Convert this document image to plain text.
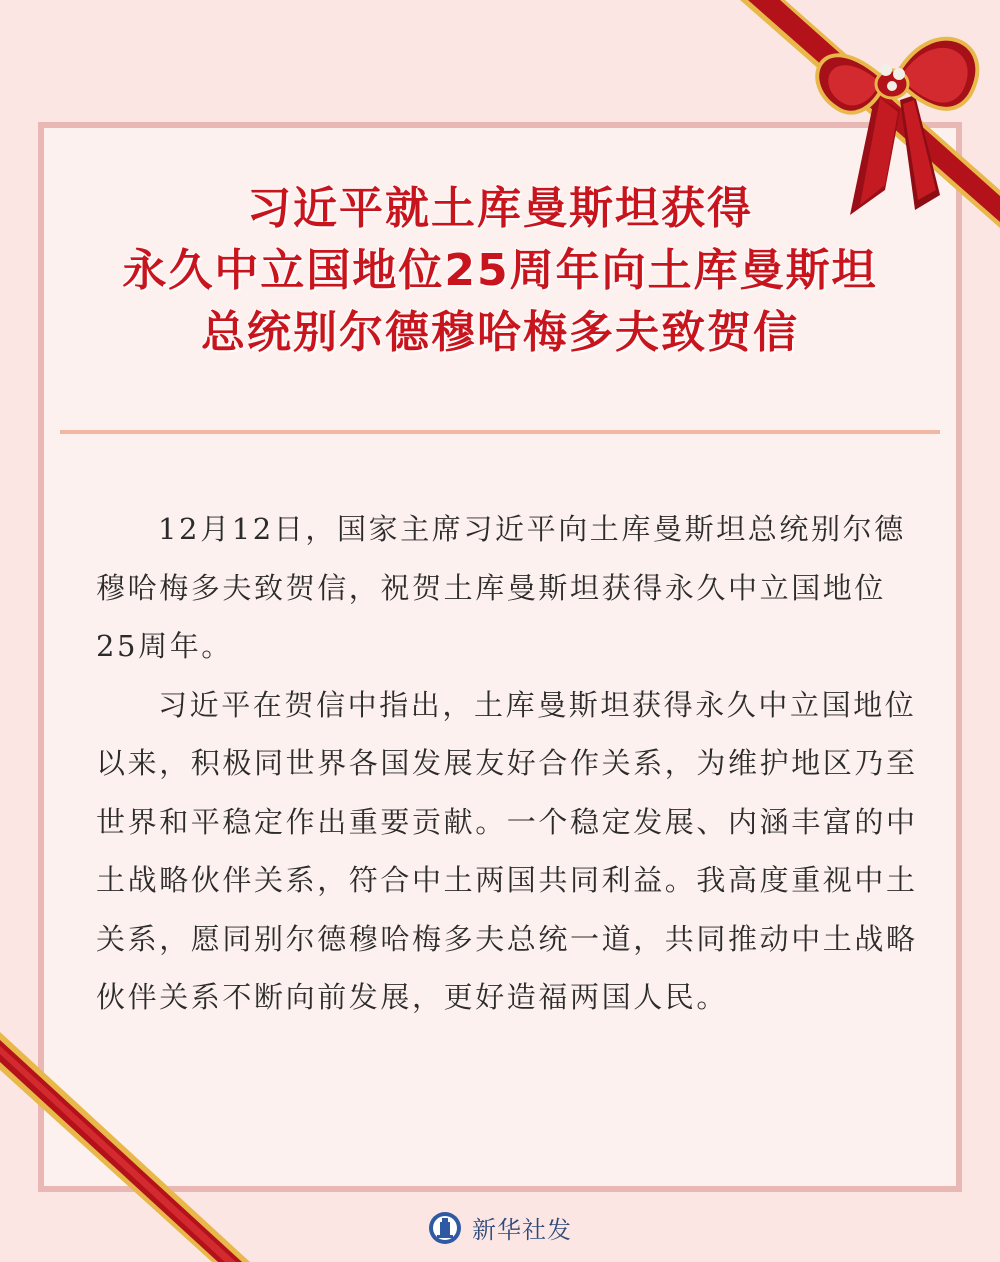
习近平就土库曼斯坦获得
永久中立国地位25周年向土库曼斯坦
总统别尔德穆哈梅多夫致贺信

12月12日，国家主席习近平向土库曼斯坦总统别尔德穆哈梅多夫致贺信，祝贺土库曼斯坦获得永久中立国地位25周年。

习近平在贺信中指出，土库曼斯坦获得永久中立国地位以来，积极同世界各国发展友好合作关系，为维护地区乃至世界和平稳定作出重要贡献。一个稳定发展、内涵丰富的中土战略伙伴关系，符合中土两国共同利益。我高度重视中土关系，愿同别尔德穆哈梅多夫总统一道，共同推动中土战略伙伴关系不断向前发展，更好造福两国人民。

新华社发
